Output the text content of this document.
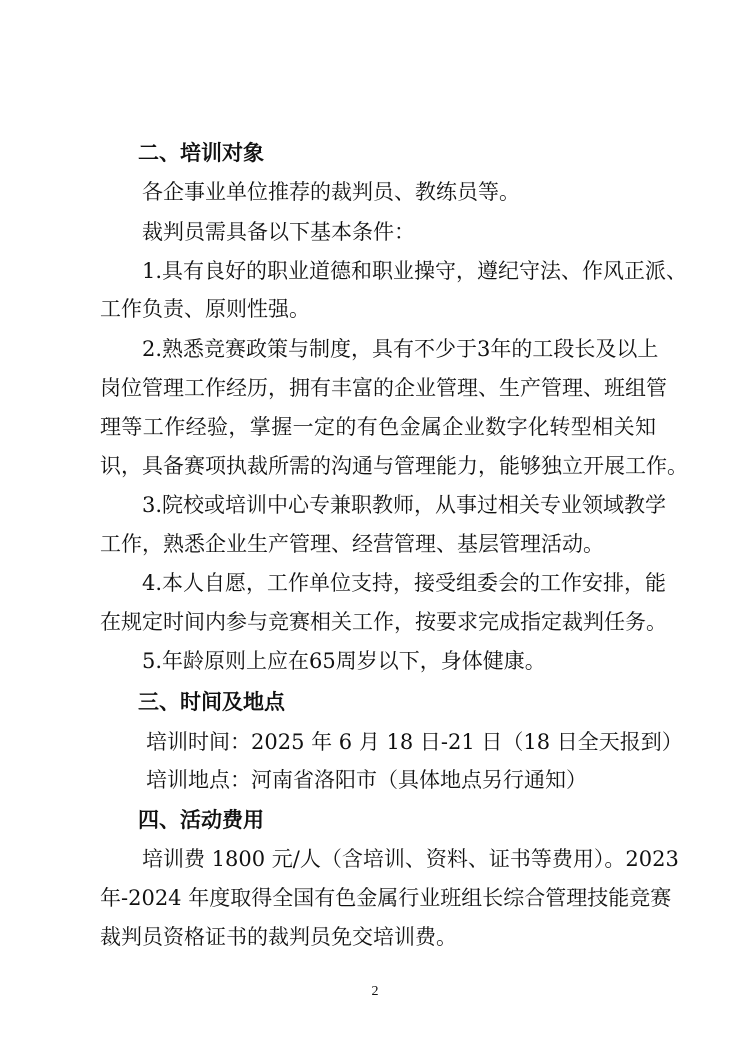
二、培训对象
各企事业单位推荐的裁判员、教练员等。
裁判员需具备以下基本条件：
1.具有良好的职业道德和职业操守，遵纪守法、作风正派、
工作负责、原则性强。
2.熟悉竞赛政策与制度，具有不少于3年的工段长及以上
岗位管理工作经历，拥有丰富的企业管理、生产管理、班组管
理等工作经验，掌握一定的有色金属企业数字化转型相关知
识，具备赛项执裁所需的沟通与管理能力，能够独立开展工作。
3.院校或培训中心专兼职教师，从事过相关专业领域教学
工作，熟悉企业生产管理、经营管理、基层管理活动。
4.本人自愿，工作单位支持，接受组委会的工作安排，能
在规定时间内参与竞赛相关工作，按要求完成指定裁判任务。
5.年龄原则上应在65周岁以下，身体健康。
三、时间及地点
培训时间：2025 年 6 月 18 日-21 日（18 日全天报到）
培训地点：河南省洛阳市（具体地点另行通知）
四、活动费用
培训费 1800 元/人（含培训、资料、证书等费用）。2023
年-2024 年度取得全国有色金属行业班组长综合管理技能竞赛
裁判员资格证书的裁判员免交培训费。
2
